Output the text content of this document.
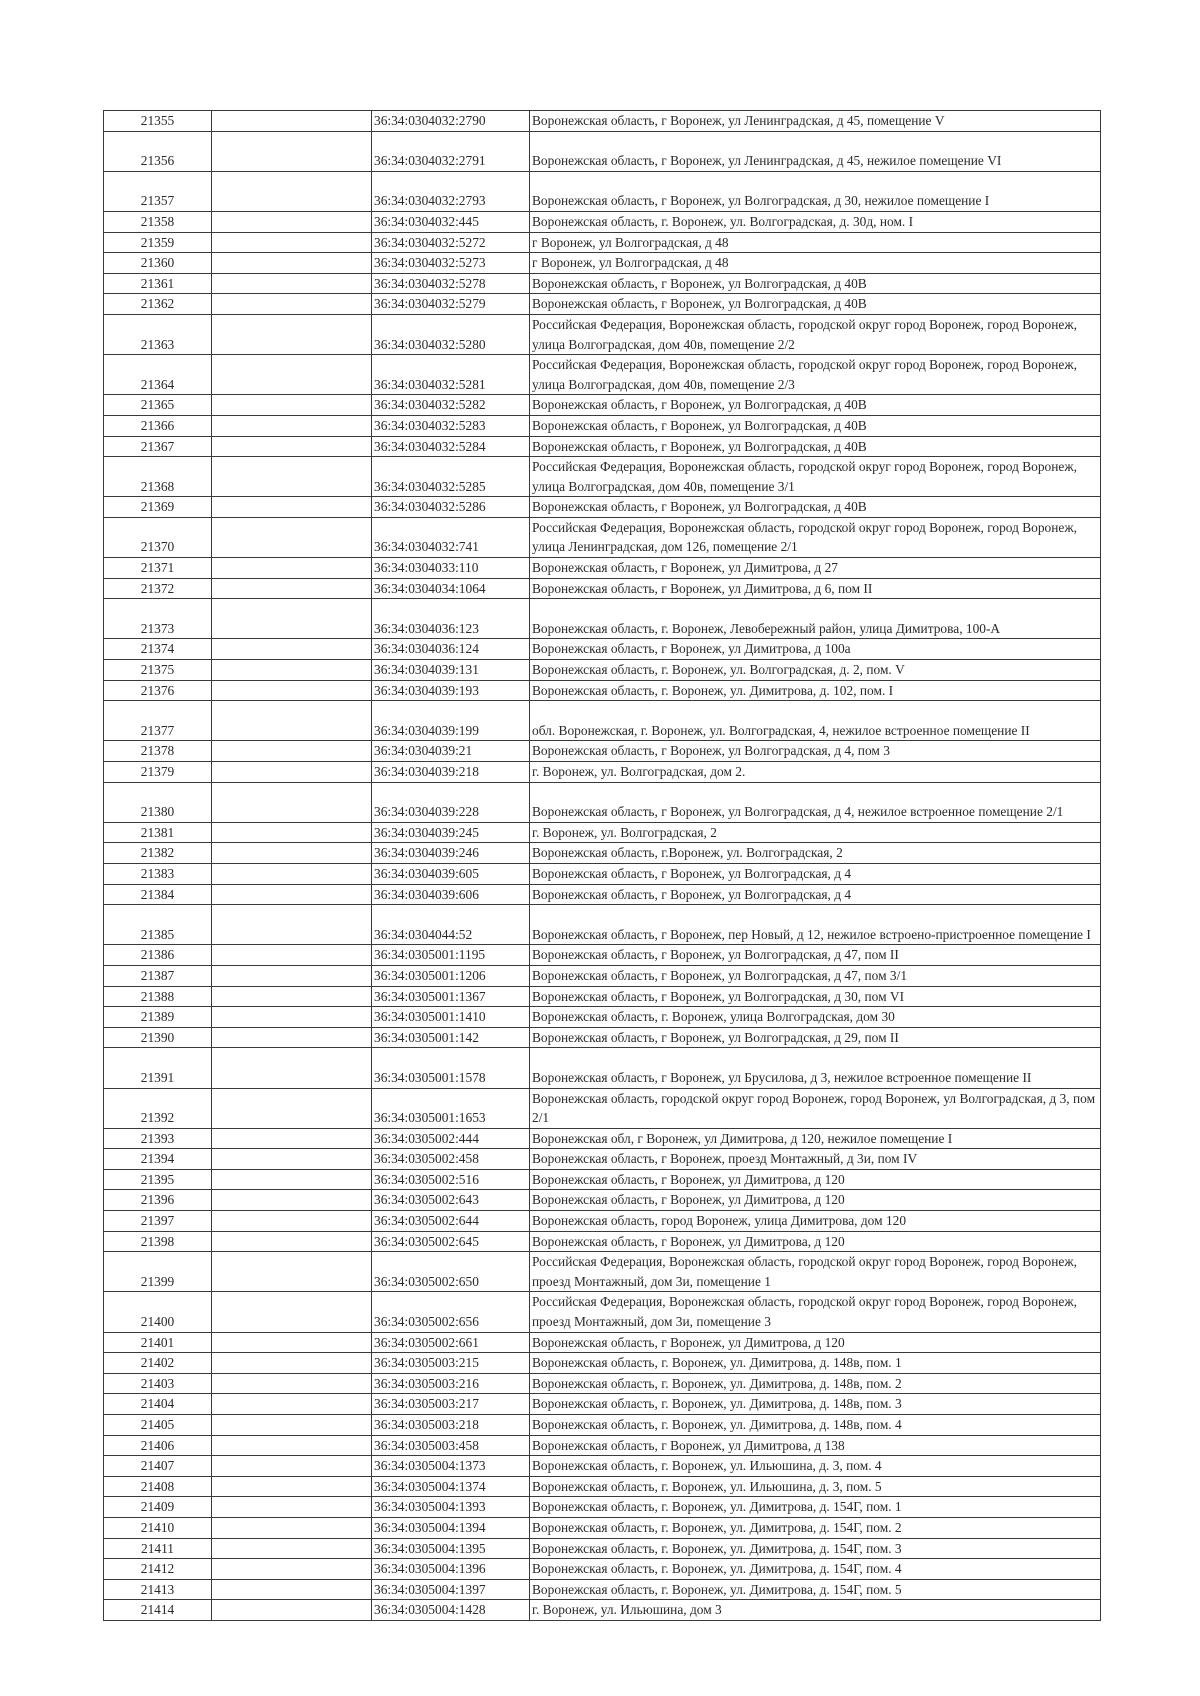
21355		36:34:0304032:2790	Воронежская область, г Воронеж, ул Ленинградская, д 45, помещение V
21356		36:34:0304032:2791	Воронежская область, г Воронеж, ул Ленинградская, д 45, нежилое помещение VI
21357		36:34:0304032:2793	Воронежская область, г Воронеж, ул Волгоградская, д 30, нежилое помещение I
21358		36:34:0304032:445	Воронежская область, г. Воронеж, ул. Волгоградская, д. 30д, ном. I
21359		36:34:0304032:5272	г Воронеж, ул Волгоградская, д 48
21360		36:34:0304032:5273	г Воронеж, ул Волгоградская, д 48
21361		36:34:0304032:5278	Воронежская область, г Воронеж, ул Волгоградская, д 40В
21362		36:34:0304032:5279	Воронежская область, г Воронеж, ул Волгоградская, д 40В
21363		36:34:0304032:5280	Российская Федерация, Воронежская область, городской округ город Воронеж, город Воронеж, улица Волгоградская, дом 40в, помещение 2/2
21364		36:34:0304032:5281	Российская Федерация, Воронежская область, городской округ город Воронеж, город Воронеж, улица Волгоградская, дом 40в, помещение 2/3
21365		36:34:0304032:5282	Воронежская область, г Воронеж, ул Волгоградская, д 40В
21366		36:34:0304032:5283	Воронежская область, г Воронеж, ул Волгоградская, д 40В
21367		36:34:0304032:5284	Воронежская область, г Воронеж, ул Волгоградская, д 40В
21368		36:34:0304032:5285	Российская Федерация, Воронежская область, городской округ город Воронеж, город Воронеж, улица Волгоградская, дом 40в, помещение 3/1
21369		36:34:0304032:5286	Воронежская область, г Воронеж, ул Волгоградская, д 40В
21370		36:34:0304032:741	Российская Федерация, Воронежская область, городской округ город Воронеж, город Воронеж, улица Ленинградская, дом 126, помещение 2/1
21371		36:34:0304033:110	Воронежская область, г Воронеж, ул Димитрова, д 27
21372		36:34:0304034:1064	Воронежская область, г Воронеж, ул Димитрова, д 6, пом II
21373		36:34:0304036:123	Воронежская область, г. Воронеж, Левобережный район, улица Димитрова, 100-А
21374		36:34:0304036:124	Воронежская область, г Воронеж, ул Димитрова, д 100а
21375		36:34:0304039:131	Воронежская область, г. Воронеж, ул. Волгоградская, д. 2, пом. V
21376		36:34:0304039:193	Воронежская область, г. Воронеж, ул. Димитрова, д. 102, пом. I
21377		36:34:0304039:199	обл. Воронежская, г. Воронеж, ул. Волгоградская, 4, нежилое встроенное помещение II
21378		36:34:0304039:21	Воронежская область, г Воронеж, ул Волгоградская, д 4, пом 3
21379		36:34:0304039:218	г. Воронеж, ул. Волгоградская, дом 2.
21380		36:34:0304039:228	Воронежская область, г Воронеж, ул Волгоградская, д 4, нежилое встроенное помещение 2/1
21381		36:34:0304039:245	г. Воронеж, ул. Волгоградская, 2
21382		36:34:0304039:246	Воронежская область, г.Воронеж, ул. Волгоградская, 2
21383		36:34:0304039:605	Воронежская область, г Воронеж, ул Волгоградская, д 4
21384		36:34:0304039:606	Воронежская область, г Воронеж, ул Волгоградская, д 4
21385		36:34:0304044:52	Воронежская область, г Воронеж, пер Новый, д 12, нежилое встроено-пристроенное помещение I
21386		36:34:0305001:1195	Воронежская область, г Воронеж, ул Волгоградская, д 47, пом II
21387		36:34:0305001:1206	Воронежская область, г Воронеж, ул Волгоградская, д 47, пом 3/1
21388		36:34:0305001:1367	Воронежская область, г Воронеж, ул Волгоградская, д 30, пом VI
21389		36:34:0305001:1410	Воронежская область, г. Воронеж, улица Волгоградская, дом 30
21390		36:34:0305001:142	Воронежская область, г Воронеж, ул Волгоградская, д 29, пом II
21391		36:34:0305001:1578	Воронежская область, г Воронеж, ул Брусилова, д 3, нежилое встроенное помещение II
21392		36:34:0305001:1653	Воронежская область, городской округ город Воронеж, город Воронеж, ул Волгоградская, д 3, пом 2/1
21393		36:34:0305002:444	Воронежская обл, г Воронеж, ул Димитрова, д 120, нежилое помещение I
21394		36:34:0305002:458	Воронежская область, г Воронеж, проезд Монтажный, д 3и, пом IV
21395		36:34:0305002:516	Воронежская область, г Воронеж, ул Димитрова, д 120
21396		36:34:0305002:643	Воронежская область, г Воронеж, ул Димитрова, д 120
21397		36:34:0305002:644	Воронежская область, город Воронеж, улица Димитрова, дом 120
21398		36:34:0305002:645	Воронежская область, г Воронеж, ул Димитрова, д 120
21399		36:34:0305002:650	Российская Федерация, Воронежская область, городской округ город Воронеж, город Воронеж, проезд Монтажный, дом 3и, помещение 1
21400		36:34:0305002:656	Российская Федерация, Воронежская область, городской округ город Воронеж, город Воронеж, проезд Монтажный, дом 3и, помещение 3
21401		36:34:0305002:661	Воронежская область, г Воронеж, ул Димитрова, д 120
21402		36:34:0305003:215	Воронежская область, г. Воронеж, ул. Димитрова, д. 148в, пом. 1
21403		36:34:0305003:216	Воронежская область, г. Воронеж, ул. Димитрова, д. 148в, пом. 2
21404		36:34:0305003:217	Воронежская область, г. Воронеж, ул. Димитрова, д. 148в, пом. 3
21405		36:34:0305003:218	Воронежская область, г. Воронеж, ул. Димитрова, д. 148в, пом. 4
21406		36:34:0305003:458	Воронежская область, г Воронеж, ул Димитрова, д 138
21407		36:34:0305004:1373	Воронежская область, г. Воронеж, ул. Ильюшина, д. 3, пом. 4
21408		36:34:0305004:1374	Воронежская область, г. Воронеж, ул. Ильюшина, д. 3, пом. 5
21409		36:34:0305004:1393	Воронежская область, г. Воронеж, ул. Димитрова, д. 154Г, пом. 1
21410		36:34:0305004:1394	Воронежская область, г. Воронеж, ул. Димитрова, д. 154Г, пом. 2
21411		36:34:0305004:1395	Воронежская область, г. Воронеж, ул. Димитрова, д. 154Г, пом. 3
21412		36:34:0305004:1396	Воронежская область, г. Воронеж, ул. Димитрова, д. 154Г, пом. 4
21413		36:34:0305004:1397	Воронежская область, г. Воронеж, ул. Димитрова, д. 154Г, пом. 5
21414		36:34:0305004:1428	г. Воронеж, ул. Ильюшина, дом 3
